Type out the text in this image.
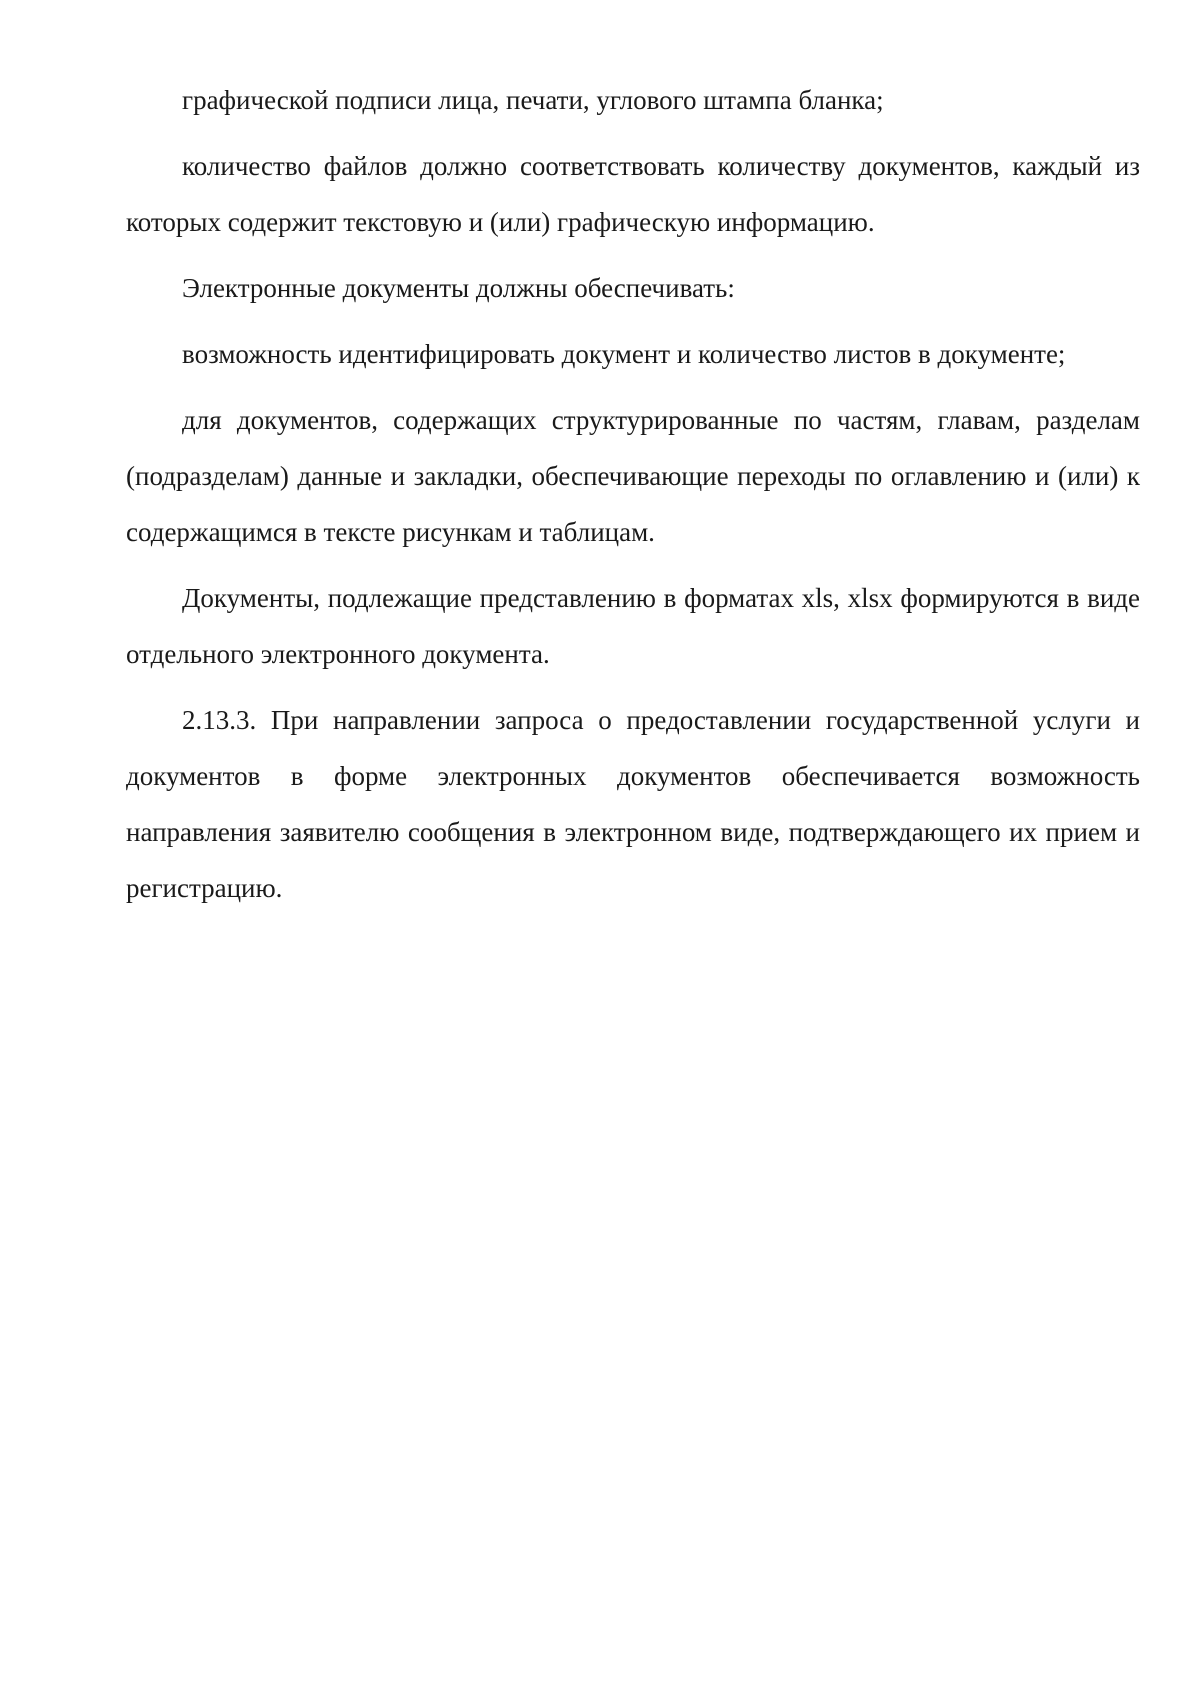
графической подписи лица, печати, углового штампа бланка;

количество файлов должно соответствовать количеству документов, каждый из которых содержит текстовую и (или) графическую информацию.

Электронные документы должны обеспечивать:

возможность идентифицировать документ и количество листов в документе;

для документов, содержащих структурированные по частям, главам, разделам (подразделам) данные и закладки, обеспечивающие переходы по оглавлению и (или) к содержащимся в тексте рисункам и таблицам.

Документы, подлежащие представлению в форматах xls, xlsx формируются в виде отдельного электронного документа.

2.13.3. При направлении запроса о предоставлении государственной услуги и документов в форме электронных документов обеспечивается возможность направления заявителю сообщения в электронном виде, подтверждающего их прием и регистрацию.
